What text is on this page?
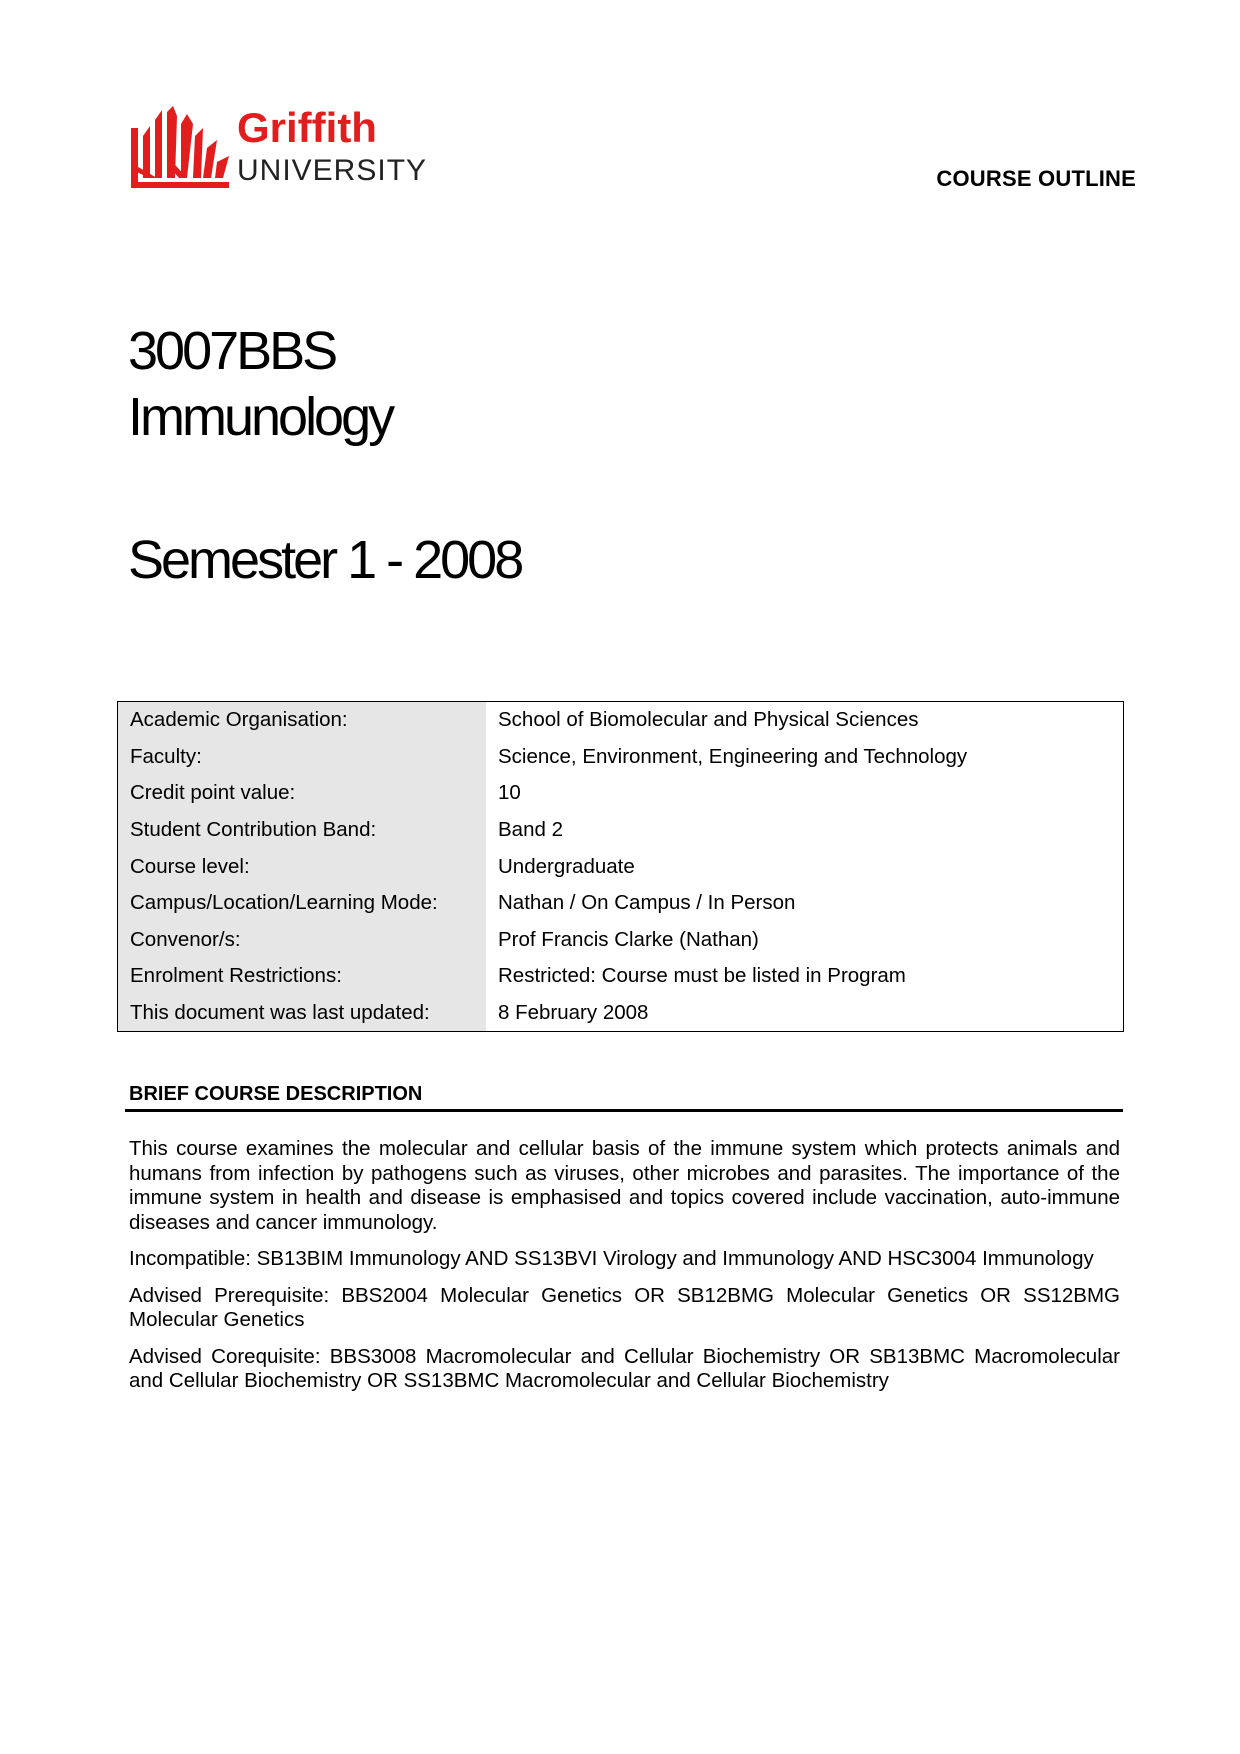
Griffith
UNIVERSITY	COURSE OUTLINE
3007BBS
Immunology
Semester 1 - 2008
Academic Organisation:	School of Biomolecular and Physical Sciences
Faculty:	Science, Environment, Engineering and Technology
Credit point value:	10
Student Contribution Band:	Band 2
Course level:	Undergraduate
Campus/Location/Learning Mode:	Nathan / On Campus / In Person
Convenor/s:	Prof Francis Clarke (Nathan)
Enrolment Restrictions:	Restricted: Course must be listed in Program
This document was last updated:	8 February 2008
BRIEF COURSE DESCRIPTION

This course examines the molecular and cellular basis of the immune system which protects animals and humans from infection by pathogens such as viruses, other microbes and parasites. The importance of the immune system in health and disease is emphasised and topics covered include vaccination, auto-immune diseases and cancer immunology.

Incompatible: SB13BIM Immunology AND SS13BVI Virology and Immunology AND HSC3004 Immunology

Advised Prerequisite: BBS2004 Molecular Genetics OR SB12BMG Molecular Genetics OR SS12BMG Molecular Genetics

Advised Corequisite: BBS3008 Macromolecular and Cellular Biochemistry OR SB13BMC Macromolecular and Cellular Biochemistry OR SS13BMC Macromolecular and Cellular Biochemistry
